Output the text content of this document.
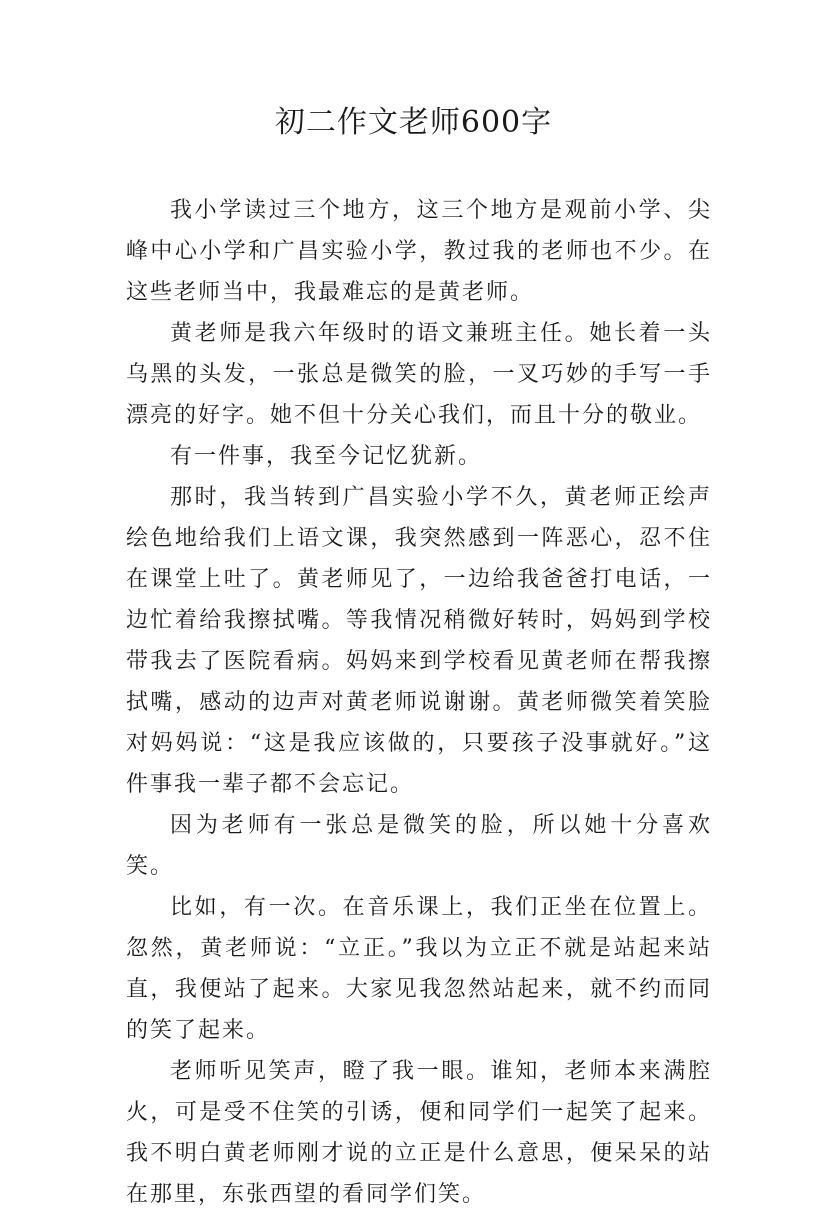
初二作文老师600字

我小学读过三个地方，这三个地方是观前小学、尖峰中心小学和广昌实验小学，教过我的老师也不少。在这些老师当中，我最难忘的是黄老师。

黄老师是我六年级时的语文兼班主任。她长着一头乌黑的头发，一张总是微笑的脸，一叉巧妙的手写一手漂亮的好字。她不但十分关心我们，而且十分的敬业。

有一件事，我至今记忆犹新。

那时，我当转到广昌实验小学不久，黄老师正绘声绘色地给我们上语文课，我突然感到一阵恶心，忍不住在课堂上吐了。黄老师见了，一边给我爸爸打电话，一边忙着给我擦拭嘴。等我情况稍微好转时，妈妈到学校带我去了医院看病。妈妈来到学校看见黄老师在帮我擦拭嘴，感动的边声对黄老师说谢谢。黄老师微笑着笑脸对妈妈说：“这是我应该做的，只要孩子没事就好。”这件事我一辈子都不会忘记。

因为老师有一张总是微笑的脸，所以她十分喜欢笑。

比如，有一次。在音乐课上，我们正坐在位置上。忽然，黄老师说：“立正。”我以为立正不就是站起来站直，我便站了起来。大家见我忽然站起来，就不约而同的笑了起来。

老师听见笑声，瞪了我一眼。谁知，老师本来满腔火，可是受不住笑的引诱，便和同学们一起笑了起来。我不明白黄老师刚才说的立正是什么意思，便呆呆的站在那里，东张西望的看同学们笑。
